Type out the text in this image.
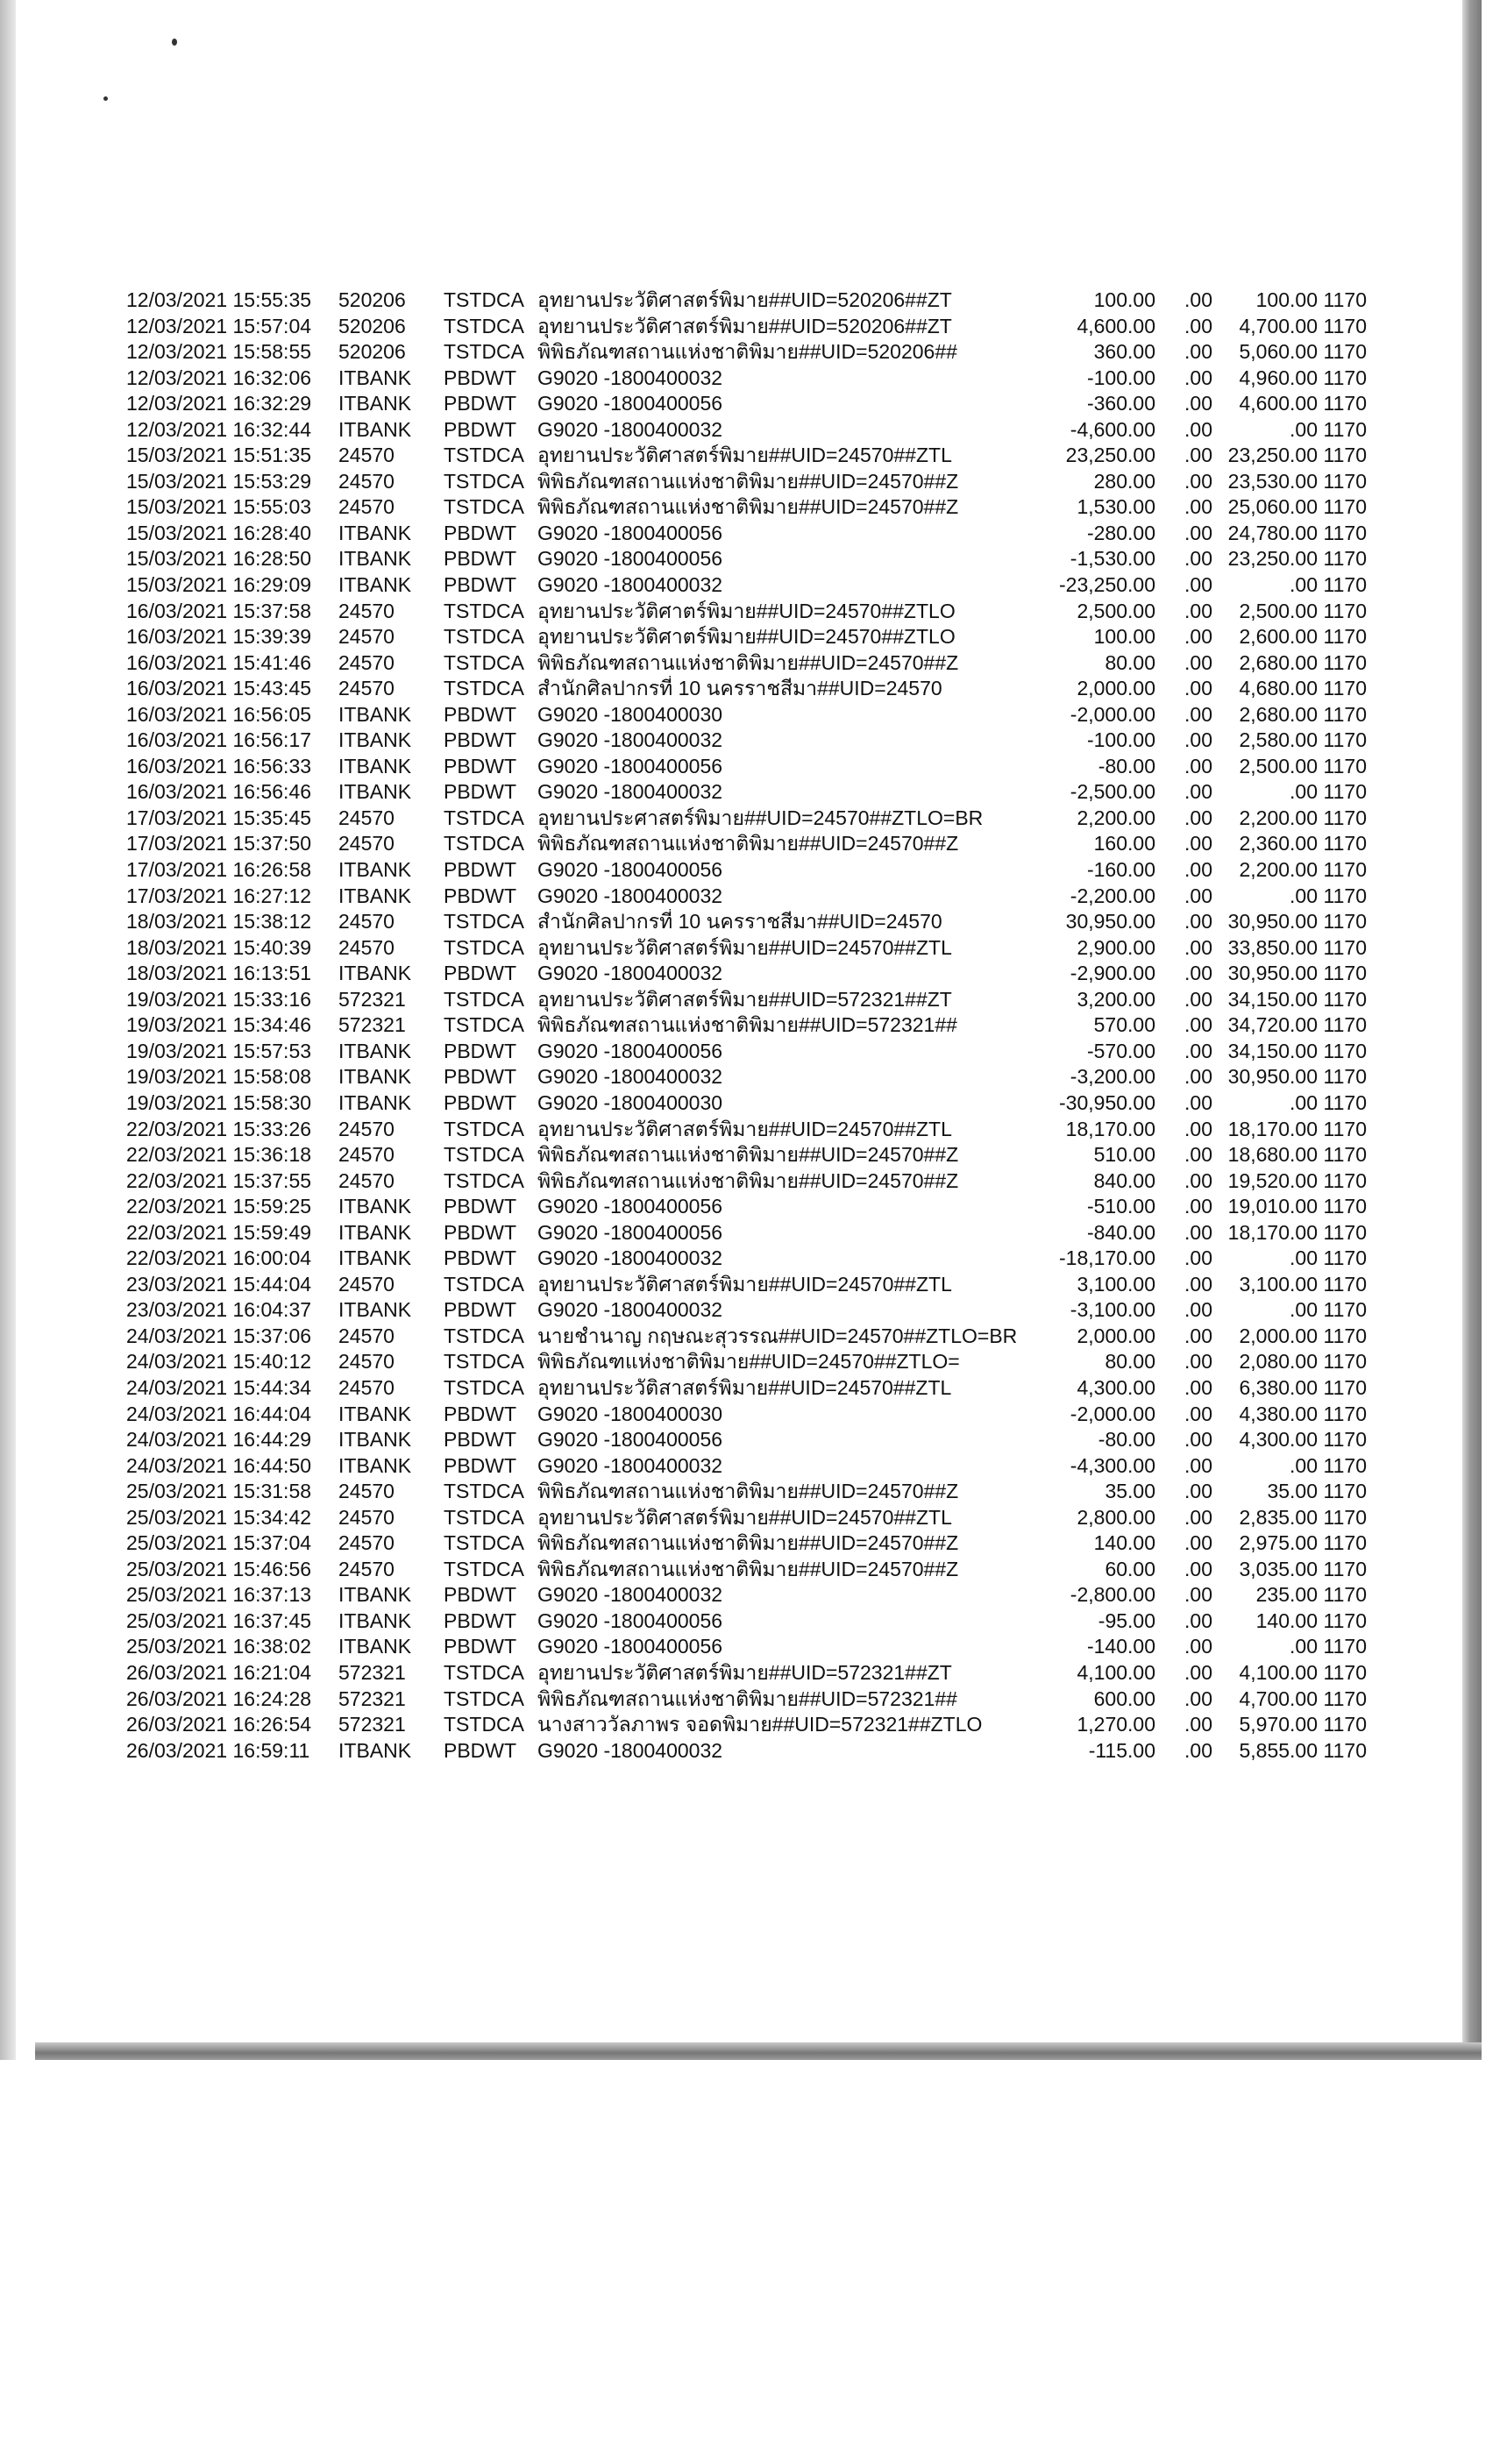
12/03/2021 15:55:35	520206	TSTDCA อุทยานประวัติศาสตร์พิมาย##UID=520206##ZT	100.00	.00	100.00 1170
12/03/2021 15:57:04	520206	TSTDCA อุทยานประวัติศาสตร์พิมาย##UID=520206##ZT	4,600.00	.00	4,700.00 1170
12/03/2021 15:58:55	520206	TSTDCA พิพิธภัณฑสถานแห่งชาติพิมาย##UID=520206##	360.00	.00	5,060.00 1170
12/03/2021 16:32:06	ITBANK	PBDWT	G9020 -1800400032	-100.00	.00	4,960.00 1170
12/03/2021 16:32:29	ITBANK	PBDWT	G9020 -1800400056	-360.00	.00	4,600.00 1170
12/03/2021 16:32:44	ITBANK	PBDWT	G9020 -1800400032	-4,600.00	.00	.00 1170
15/03/2021 15:51:35	24570	TSTDCA อุทยานประวัติศาสตร์พิมาย##UID=24570##ZTL	23,250.00	.00 23,250.00 1170
15/03/2021 15:53:29	24570	TSTDCA พิพิธภัณฑสถานแห่งชาติพิมาย##UID=24570##Z	280.00	.00 23,530.00 1170
15/03/2021 15:55:03	24570	TSTDCA พิพิธภัณฑสถานแห่งชาติพิมาย##UID=24570##Z	1,530.00	.00 25,060.00 1170
15/03/2021 16:28:40	ITBANK	PBDWT	G9020 -1800400056	-280.00	.00 24,780.00 1170
15/03/2021 16:28:50	ITBANK	PBDWT	G9020 -1800400056	-1,530.00	.00 23,250.00 1170
15/03/2021 16:29:09	ITBANK	PBDWT	G9020 -1800400032	-23,250.00	.00	.00 1170
16/03/2021 15:37:58	24570	TSTDCA อุทยานประวัติศาตร์พิมาย##UID=24570##ZTLO	2,500.00	.00	2,500.00 1170
16/03/2021 15:39:39	24570	TSTDCA อุทยานประวัติศาตร์พิมาย##UID=24570##ZTLO	100.00	.00	2,600.00 1170
16/03/2021 15:41:46	24570	TSTDCA พิพิธภัณฑสถานแห่งชาติพิมาย##UID=24570##Z	80.00	.00	2,680.00 1170
16/03/2021 15:43:45	24570	TSTDCA สำนักศิลปากรที่ 10 นครราชสีมา##UID=24570	2,000.00	.00	4,680.00 1170
16/03/2021 16:56:05	ITBANK	PBDWT	G9020 -1800400030	-2,000.00	.00	2,680.00 1170
16/03/2021 16:56:17	ITBANK	PBDWT	G9020 -1800400032	-100.00	.00	2,580.00 1170
16/03/2021 16:56:33	ITBANK	PBDWT	G9020 -1800400056	-80.00	.00	2,500.00 1170
16/03/2021 16:56:46	ITBANK	PBDWT	G9020 -1800400032	-2,500.00	.00	.00 1170
17/03/2021 15:35:45	24570	TSTDCA อุทยานประศาสตร์พิมาย##UID=24570##ZTLO=BR	2,200.00	.00	2,200.00 1170
17/03/2021 15:37:50	24570	TSTDCA พิพิธภัณฑสถานแห่งชาติพิมาย##UID=24570##Z	160.00	.00	2,360.00 1170
17/03/2021 16:26:58	ITBANK	PBDWT	G9020 -1800400056	-160.00	.00	2,200.00 1170
17/03/2021 16:27:12	ITBANK	PBDWT	G9020 -1800400032	-2,200.00	.00	.00 1170
18/03/2021 15:38:12	24570	TSTDCA สำนักศิลปากรที่ 10 นครราชสีมา##UID=24570	30,950.00	.00 30,950.00 1170
18/03/2021 15:40:39	24570	TSTDCA อุทยานประวัติศาสตร์พิมาย##UID=24570##ZTL	2,900.00	.00 33,850.00 1170
18/03/2021 16:13:51	ITBANK	PBDWT	G9020 -1800400032	-2,900.00	.00 30,950.00 1170
19/03/2021 15:33:16	572321	TSTDCA อุทยานประวัติศาสตร์พิมาย##UID=572321##ZT	3,200.00	.00 34,150.00 1170
19/03/2021 15:34:46	572321	TSTDCA พิพิธภัณฑสถานแห่งชาติพิมาย##UID=572321##	570.00	.00 34,720.00 1170
19/03/2021 15:57:53	ITBANK	PBDWT	G9020 -1800400056	-570.00	.00 34,150.00 1170
19/03/2021 15:58:08	ITBANK	PBDWT	G9020 -1800400032	-3,200.00	.00 30,950.00 1170
19/03/2021 15:58:30	ITBANK	PBDWT	G9020 -1800400030	-30,950.00	.00	.00 1170
22/03/2021 15:33:26	24570	TSTDCA อุทยานประวัติศาสตร์พิมาย##UID=24570##ZTL	18,170.00	.00 18,170.00 1170
22/03/2021 15:36:18	24570	TSTDCA พิพิธภัณฑสถานแห่งชาติพิมาย##UID=24570##Z	510.00	.00 18,680.00 1170
22/03/2021 15:37:55	24570	TSTDCA พิพิธภัณฑสถานแห่งชาติพิมาย##UID=24570##Z	840.00	.00 19,520.00 1170
22/03/2021 15:59:25	ITBANK	PBDWT	G9020 -1800400056	-510.00	.00 19,010.00 1170
22/03/2021 15:59:49	ITBANK	PBDWT	G9020 -1800400056	-840.00	.00 18,170.00 1170
22/03/2021 16:00:04	ITBANK	PBDWT	G9020 -1800400032	-18,170.00	.00	.00 1170
23/03/2021 15:44:04	24570	TSTDCA อุทยานประวัติศาสตร์พิมาย##UID=24570##ZTL	3,100.00	.00	3,100.00 1170
23/03/2021 16:04:37	ITBANK	PBDWT	G9020 -1800400032	-3,100.00	.00	.00 1170
24/03/2021 15:37:06	24570	TSTDCA นายชำนาญ กฤษณะสุวรรณ##UID=24570##ZTLO=BR	2,000.00	.00	2,000.00 1170
24/03/2021 15:40:12	24570	TSTDCA พิพิธภัณฑแห่งชาติพิมาย##UID=24570##ZTLO=	80.00	.00	2,080.00 1170
24/03/2021 15:44:34	24570	TSTDCA อุทยานประวัติสาสตร์พิมาย##UID=24570##ZTL	4,300.00	.00	6,380.00 1170
24/03/2021 16:44:04	ITBANK	PBDWT	G9020 -1800400030	-2,000.00	.00	4,380.00 1170
24/03/2021 16:44:29	ITBANK	PBDWT	G9020 -1800400056	-80.00	.00	4,300.00 1170
24/03/2021 16:44:50	ITBANK	PBDWT	G9020 -1800400032	-4,300.00	.00	.00 1170
25/03/2021 15:31:58	24570	TSTDCA พิพิธภัณฑสถานแห่งชาติพิมาย##UID=24570##Z	35.00	.00	35.00 1170
25/03/2021 15:34:42	24570	TSTDCA อุทยานประวัติศาสตร์พิมาย##UID=24570##ZTL	2,800.00	.00	2,835.00 1170
25/03/2021 15:37:04	24570	TSTDCA พิพิธภัณฑสถานแห่งชาติพิมาย##UID=24570##Z	140.00	.00	2,975.00 1170
25/03/2021 15:46:56	24570	TSTDCA พิพิธภัณฑสถานแห่งชาติพิมาย##UID=24570##Z	60.00	.00	3,035.00 1170
25/03/2021 16:37:13	ITBANK	PBDWT	G9020 -1800400032	-2,800.00	.00	235.00 1170
25/03/2021 16:37:45	ITBANK	PBDWT	G9020 -1800400056	-95.00	.00	140.00 1170
25/03/2021 16:38:02	ITBANK	PBDWT	G9020 -1800400056	-140.00	.00	.00 1170
26/03/2021 16:21:04	572321	TSTDCA อุทยานประวัติศาสตร์พิมาย##UID=572321##ZT	4,100.00	.00	4,100.00 1170
26/03/2021 16:24:28	572321	TSTDCA พิพิธภัณฑสถานแห่งชาติพิมาย##UID=572321##	600.00	.00	4,700.00 1170
26/03/2021 16:26:54	572321	TSTDCA นางสาววัลภาพร จอดพิมาย##UID=572321##ZTLO	1,270.00	.00	5,970.00 1170
26/03/2021 16:59:11	ITBANK	PBDWT	G9020 -1800400032	-115.00	.00	5,855.00 1170
